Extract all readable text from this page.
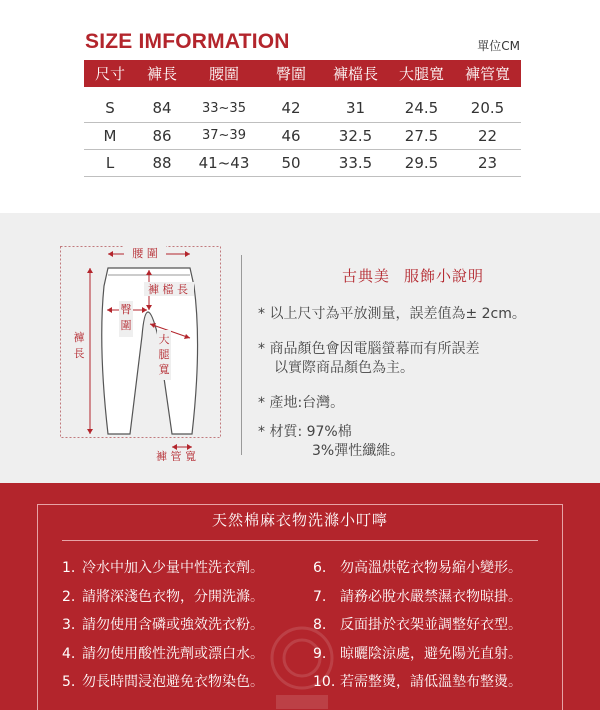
SIZE IMFORMATION	單位CM
尺寸	褲長	腰圍	臀圍	褲檔長	大腿寬	褲管寬
S	84	33~35	42	31	24.5	20.5
M	86	37~39	46	32.5	27.5	22
L	88	41~43	50	33.5	29.5	23
腰 圍
褲 檔 長
臀
圍
褲
長
大
腿
寬
褲 管 寬
古典美 服飾小說明
* 以上尺寸為平放測量，誤差值為± 2cm。
* 商品顏色會因電腦螢幕而有所誤差
以實際商品顏色為主。
* 產地:台灣。
* 材質: 97%棉
3%彈性纖維。
天然棉麻衣物洗滌小叮嚀
1. 冷水中加入少量中性洗衣劑。
2. 請將深淺色衣物，分開洗滌。
3. 請勿使用含磷或強效洗衣粉。
4. 請勿使用酸性洗劑或漂白水。
5. 勿長時間浸泡避免衣物染色。
6. 勿高溫烘乾衣物易縮小變形。
7. 請務必脫水嚴禁濕衣物晾掛。
8. 反面掛於衣架並調整好衣型。
9. 晾曬陰涼處，避免陽光直射。
10. 若需整燙，請低溫墊布整燙。
